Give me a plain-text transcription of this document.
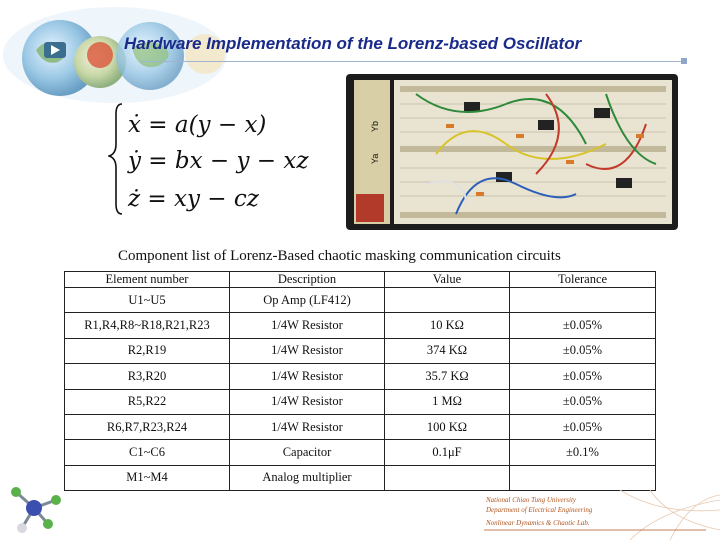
Hardware Implementation of the Lorenz-based Oscillator
ẋ = a(y − x)
ẏ = bx − y − xz
ż = xy − cz
Ya
Yb
Component list of Lorenz-Based chaotic masking communication circuits
Element number	Description	Value	Tolerance
U1~U5	Op Amp (LF412)		
R1,R4,R8~R18,R21,R23	1/4W Resistor	10 KΩ	±0.05%
R2,R19	1/4W Resistor	374 KΩ	±0.05%
R3,R20	1/4W Resistor	35.7 KΩ	±0.05%
R5,R22	1/4W Resistor	1 MΩ	±0.05%
R6,R7,R23,R24	1/4W Resistor	100 KΩ	±0.05%
C1~C6	Capacitor	0.1μF	±0.1%
M1~M4	Analog multiplier		
National Chiao Tung University
Department of Electrical Engineering
Nonlinear Dynamics & Chaotic Lab.
